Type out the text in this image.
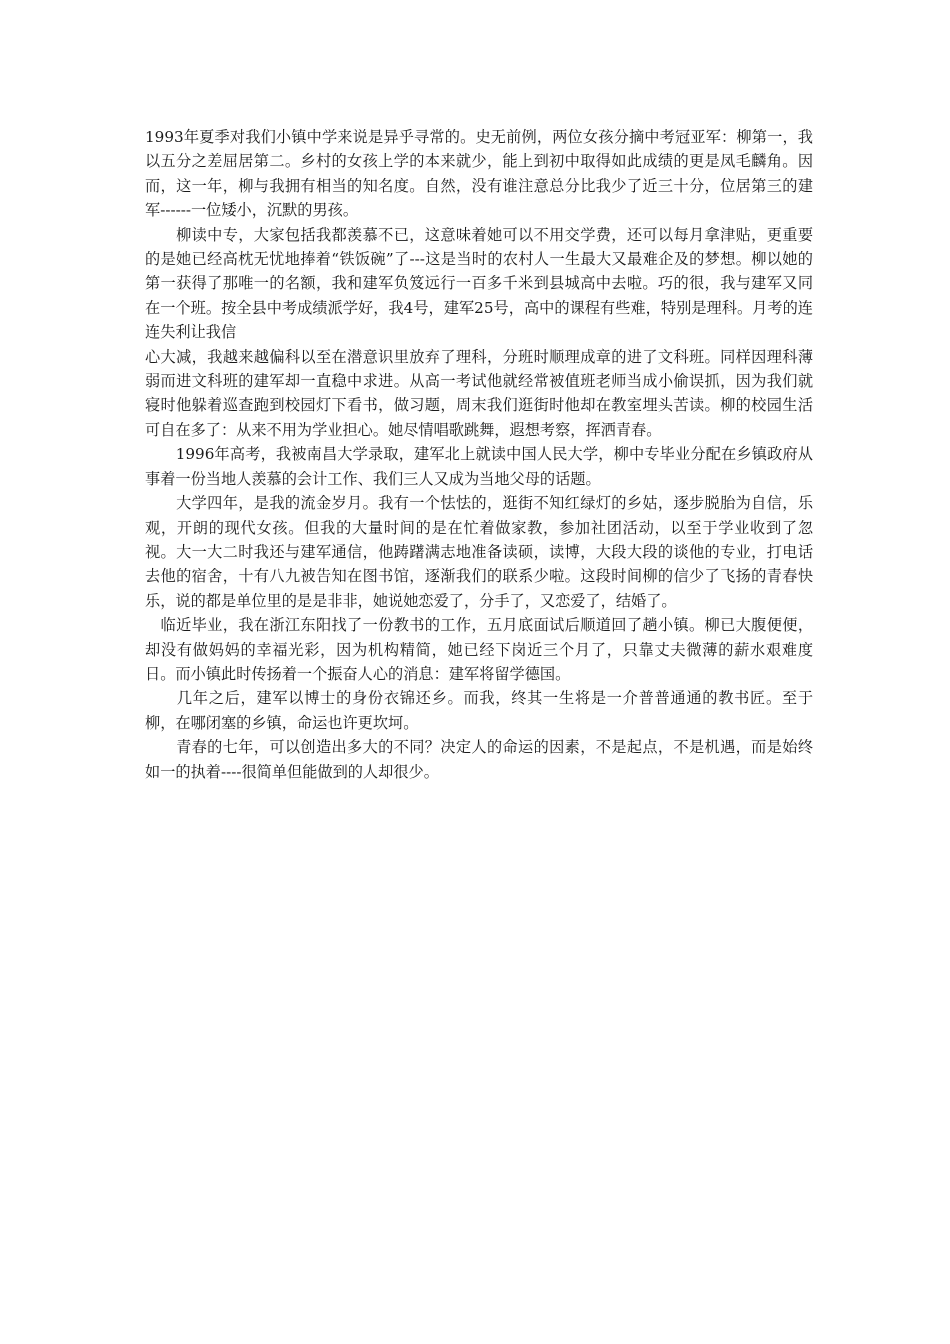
1993年夏季对我们小镇中学来说是异乎寻常的。史无前例，两位女孩分摘中考冠亚军：柳第一，我以五分之差屈居第二。乡村的女孩上学的本来就少，能上到初中取得如此成绩的更是凤毛麟角。因而，这一年，柳与我拥有相当的知名度。自然，没有谁注意总分比我少了近三十分，位居第三的建军------一位矮小，沉默的男孩。

　　柳读中专，大家包括我都羡慕不已，这意味着她可以不用交学费，还可以每月拿津贴，更重要的是她已经高枕无忧地捧着“铁饭碗”了---这是当时的农村人一生最大又最难企及的梦想。柳以她的第一获得了那唯一的名额，我和建军负笈远行一百多千米到县城高中去啦。巧的很，我与建军又同在一个班。按全县中考成绩派学好，我4号，建军25号，高中的课程有些难，特别是理科。月考的连连失利让我信

心大减，我越来越偏科以至在潜意识里放弃了理科，分班时顺理成章的进了文科班。同样因理科薄弱而进文科班的建军却一直稳中求进。从高一考试他就经常被值班老师当成小偷误抓，因为我们就寝时他躲着巡查跑到校园灯下看书，做习题，周末我们逛街时他却在教室埋头苦读。柳的校园生活可自在多了：从来不用为学业担心。她尽情唱歌跳舞，遐想考察，挥洒青春。

　　1996年高考，我被南昌大学录取，建军北上就读中国人民大学，柳中专毕业分配在乡镇政府从事着一份当地人羡慕的会计工作、我们三人又成为当地父母的话题。

　　大学四年，是我的流金岁月。我有一个怯怯的，逛街不知红绿灯的乡姑，逐步脱胎为自信，乐观，开朗的现代女孩。但我的大量时间的是在忙着做家教，参加社团活动，以至于学业收到了忽视。大一大二时我还与建军通信，他踌躇满志地准备读硕，读博，大段大段的谈他的专业，打电话去他的宿舍，十有八九被告知在图书馆，逐渐我们的联系少啦。这段时间柳的信少了飞扬的青春快乐，说的都是单位里的是是非非，她说她恋爱了，分手了，又恋爱了，结婚了。

　临近毕业，我在浙江东阳找了一份教书的工作，五月底面试后顺道回了趟小镇。柳已大腹便便，却没有做妈妈的幸福光彩，因为机构精简，她已经下岗近三个月了，只靠丈夫微薄的薪水艰难度日。而小镇此时传扬着一个振奋人心的消息：建军将留学德国。

　　几年之后，建军以博士的身份衣锦还乡。而我，终其一生将是一介普普通通的教书匠。至于柳，在哪闭塞的乡镇，命运也许更坎坷。

　　青春的七年，可以创造出多大的不同？决定人的命运的因素，不是起点，不是机遇，而是始终如一的执着----很简单但能做到的人却很少。
